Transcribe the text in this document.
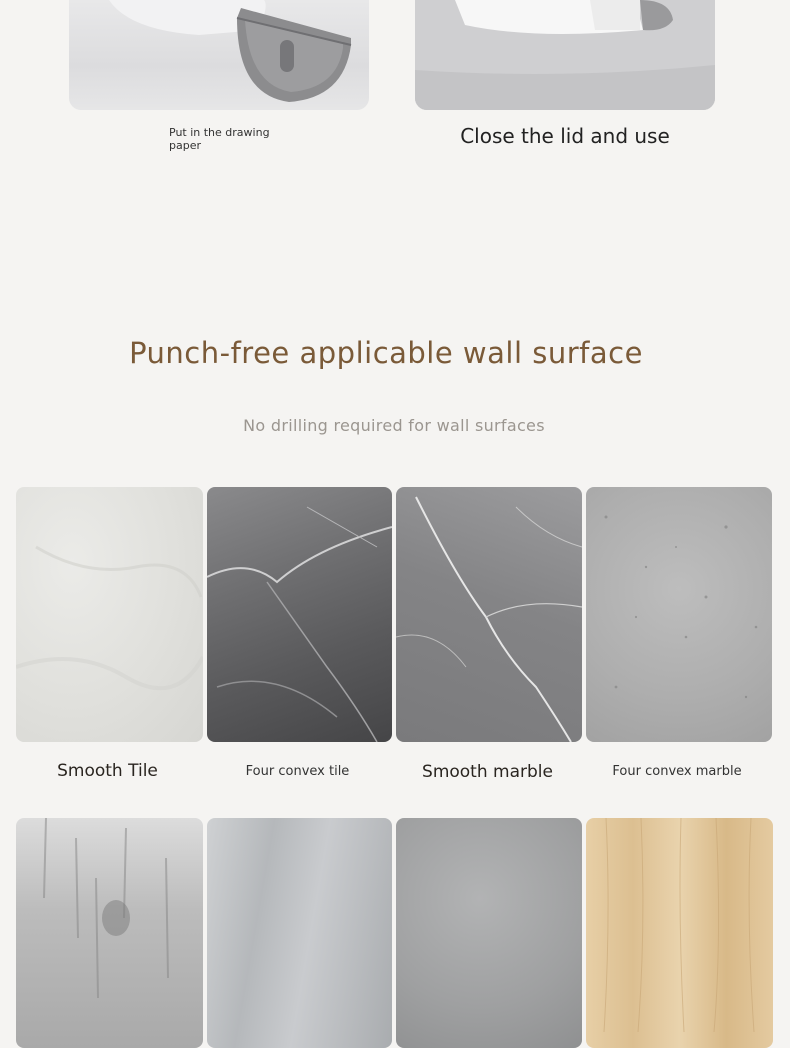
Put in the drawing paper	Close the lid and use
Punch-free applicable wall surface
No drilling required for wall surfaces
Smooth Tile	Four convex tile	Smooth marble	Four convex marble
